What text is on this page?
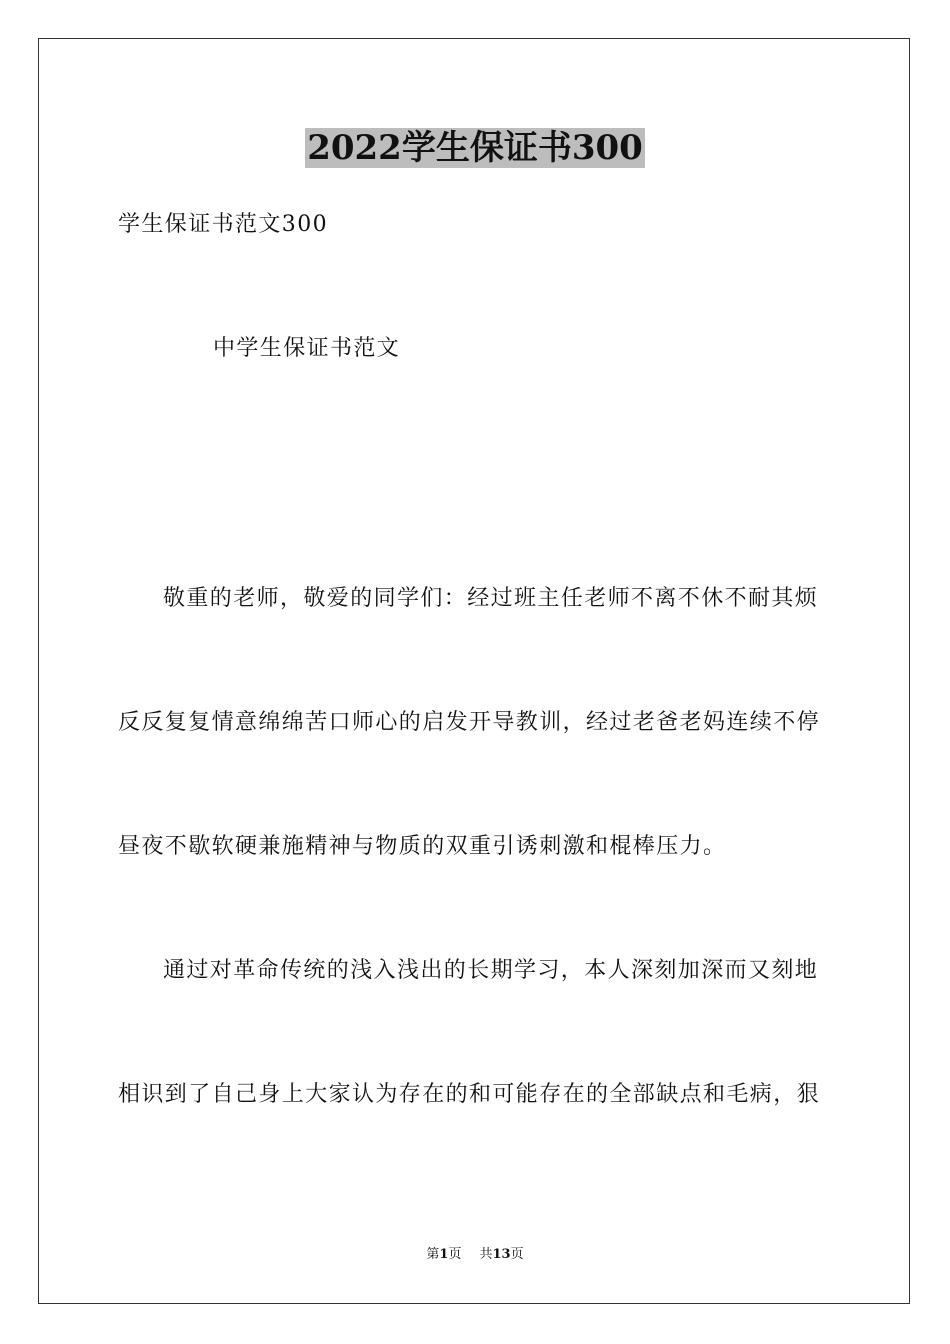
2022学生保证书300
学生保证书范文300
中学生保证书范文
敬重的老师，敬爱的同学们：经过班主任老师不离不休不耐其烦
反反复复情意绵绵苦口师心的启发开导教训，经过老爸老妈连续不停
昼夜不歇软硬兼施精神与物质的双重引诱刺激和棍棒压力。
通过对革命传统的浅入浅出的长期学习，本人深刻加深而又刻地
相识到了自己身上大家认为存在的和可能存在的全部缺点和毛病，狠
第1页 共13页
